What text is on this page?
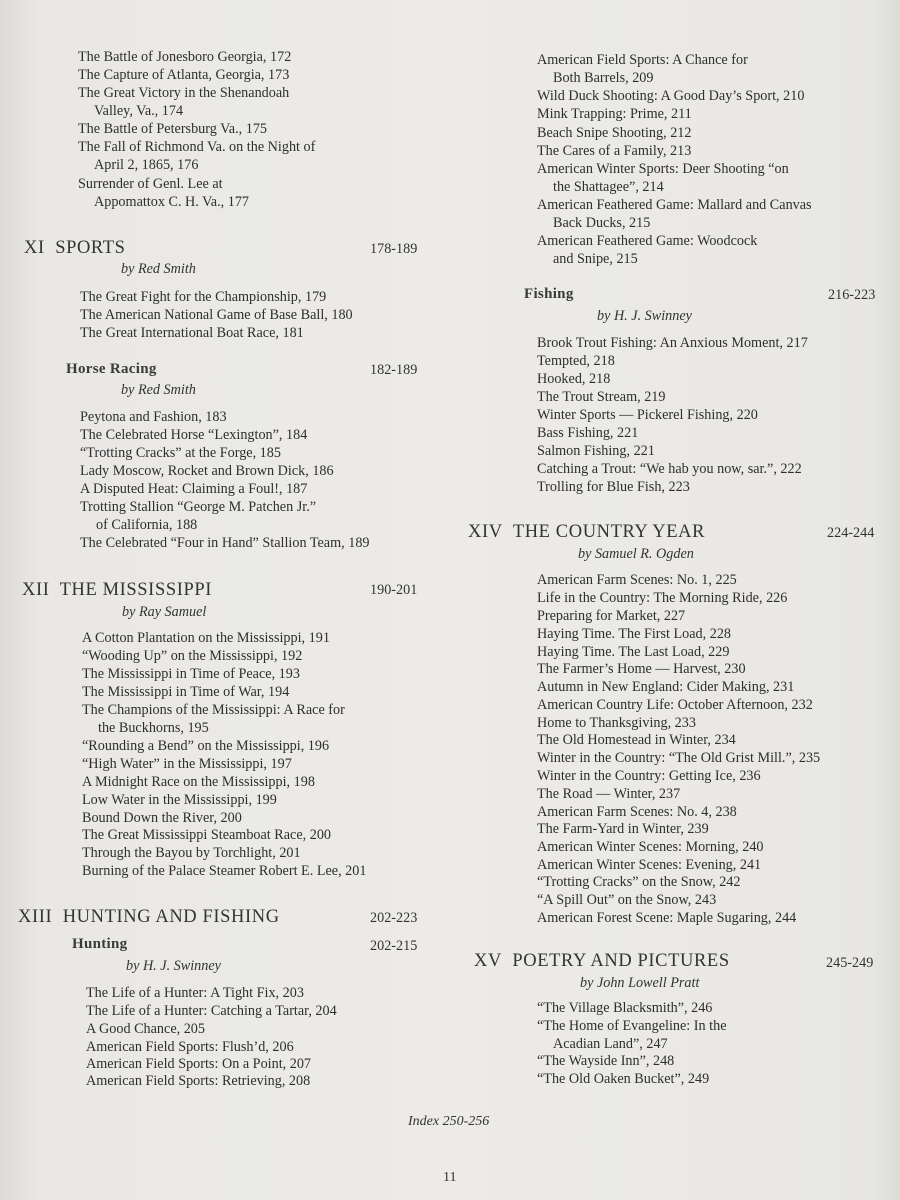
The Battle of Jonesboro Georgia, 172
The Capture of Atlanta, Georgia, 173
The Great Victory in the Shenandoah
Valley, Va., 174
The Battle of Petersburg Va., 175
The Fall of Richmond Va. on the Night of
April 2, 1865, 176
Surrender of Genl. Lee at
Appomattox C. H. Va., 177
XI SPORTS	178-189
by Red Smith
The Great Fight for the Championship, 179
The American National Game of Base Ball, 180
The Great International Boat Race, 181
Horse Racing	182-189
by Red Smith
Peytona and Fashion, 183
The Celebrated Horse “Lexington”, 184
“Trotting Cracks” at the Forge, 185
Lady Moscow, Rocket and Brown Dick, 186
A Disputed Heat: Claiming a Foul!, 187
Trotting Stallion “George M. Patchen Jr.”
of California, 188
The Celebrated “Four in Hand” Stallion Team, 189
XII THE MISSISSIPPI	190-201
by Ray Samuel
A Cotton Plantation on the Mississippi, 191
“Wooding Up” on the Mississippi, 192
The Mississippi in Time of Peace, 193
The Mississippi in Time of War, 194
The Champions of the Mississippi: A Race for
the Buckhorns, 195
“Rounding a Bend” on the Mississippi, 196
“High Water” in the Mississippi, 197
A Midnight Race on the Mississippi, 198
Low Water in the Mississippi, 199
Bound Down the River, 200
The Great Mississippi Steamboat Race, 200
Through the Bayou by Torchlight, 201
Burning of the Palace Steamer Robert E. Lee, 201
XIII HUNTING AND FISHING	202-223
Hunting	202-215
by H. J. Swinney
The Life of a Hunter: A Tight Fix, 203
The Life of a Hunter: Catching a Tartar, 204
A Good Chance, 205
American Field Sports: Flush’d, 206
American Field Sports: On a Point, 207
American Field Sports: Retrieving, 208
American Field Sports: A Chance for
Both Barrels, 209
Wild Duck Shooting: A Good Day’s Sport, 210
Mink Trapping: Prime, 211
Beach Snipe Shooting, 212
The Cares of a Family, 213
American Winter Sports: Deer Shooting “on
the Shattagee”, 214
American Feathered Game: Mallard and Canvas
Back Ducks, 215
American Feathered Game: Woodcock
and Snipe, 215
Fishing	216-223
by H. J. Swinney
Brook Trout Fishing: An Anxious Moment, 217
Tempted, 218
Hooked, 218
The Trout Stream, 219
Winter Sports — Pickerel Fishing, 220
Bass Fishing, 221
Salmon Fishing, 221
Catching a Trout: “We hab you now, sar.”, 222
Trolling for Blue Fish, 223
XIV THE COUNTRY YEAR	224-244
by Samuel R. Ogden
American Farm Scenes: No. 1, 225
Life in the Country: The Morning Ride, 226
Preparing for Market, 227
Haying Time. The First Load, 228
Haying Time. The Last Load, 229
The Farmer’s Home — Harvest, 230
Autumn in New England: Cider Making, 231
American Country Life: October Afternoon, 232
Home to Thanksgiving, 233
The Old Homestead in Winter, 234
Winter in the Country: “The Old Grist Mill.”, 235
Winter in the Country: Getting Ice, 236
The Road — Winter, 237
American Farm Scenes: No. 4, 238
The Farm-Yard in Winter, 239
American Winter Scenes: Morning, 240
American Winter Scenes: Evening, 241
“Trotting Cracks” on the Snow, 242
“A Spill Out” on the Snow, 243
American Forest Scene: Maple Sugaring, 244
XV POETRY AND PICTURES	245-249
by John Lowell Pratt
“The Village Blacksmith”, 246
“The Home of Evangeline: In the
Acadian Land”, 247
“The Wayside Inn”, 248
“The Old Oaken Bucket”, 249
Index 250-256
11
